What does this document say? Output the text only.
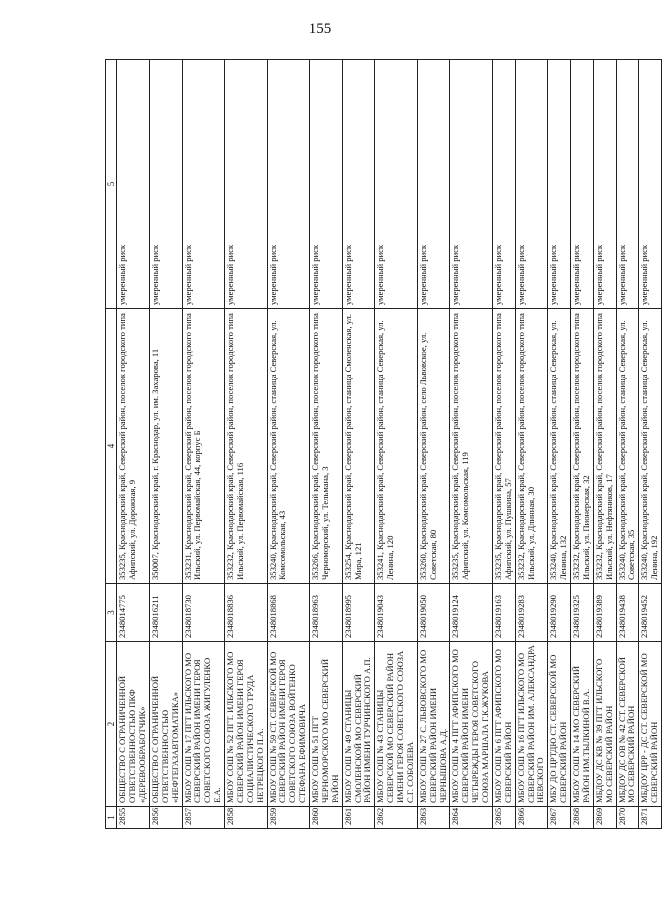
155
1	2	3	4	5
2855	ОБЩЕСТВО С ОГРАНИЧЕННОЙ ОТВЕТСТВЕННОСТЬЮ ПКФ «ДЕРЕВООБРАБОТЧИК»	2348014775	353235, Краснодарский край, Северский район, поселок городского типа Афипский, ул. Дорожная, 9	умеренный риск
2856	ОБЩЕСТВО С ОГРАНИЧЕННОЙ ОТВЕТСТВЕННОСТЬЮ «НЕФТЕГАЗАВТОМАТИКА»	2348016211	350007, Краснодарский край, г. Краснодар, ул. им. Захарова, 11	умеренный риск
2857	МБОУ СОШ № 17 ПГТ ИЛЬСКОГО МО СЕВЕРСКИЙ РАЙОН ИМЕНИ ГЕРОЯ СОВЕТСКОГО СОЮЗА ЖИГУЛЕНКО Е.А.	2348018730	353231, Краснодарский край, Северский район, поселок городского типа Ильский, ул. Первомайская, 44, корпус Б	умеренный риск
2858	МБОУ СОШ № 52 ПГТ. ИЛЬСКОГО МО СЕВЕРСКИЙ РАЙОН ИМЕНИ ГЕРОЯ СОЦИАЛИСТИЧЕСКОГО ТРУДА НЕТРЕЦКОГО П.А.	2348018836	353232, Краснодарский край, Северский район, поселок городского типа Ильский, ул. Первомайская, 116	умеренный риск
2859	МБОУ СОШ № 59 СТ. СЕВЕРСКОЙ МО СЕВЕРСКИЙ РАЙОН ИМЕНИ ГЕРОЯ СОВЕТСКОГО СОЮЗА ВОЙТЕНКО СТЕФАНА ЕФИМОВИЧА	2348018868	353240, Краснодарский край, Северский район, станица Северская, ул. Комсомольская, 43	умеренный риск
2860	МБОУ СОШ № 51 ПГТ ЧЕРНОМОРСКОГО МО СЕВЕРСКИЙ РАЙОН	2348018963	353266, Краснодарский край, Северский район, поселок городского типа Черноморский, ул. Тельмана, 3	умеренный риск
2861	МБОУ СОШ № 49 СТАНИЦЫ СМОЛЕНСКОЙ МО СЕВЕРСКИЙ РАЙОН ИМЕНИ ТУРЧИНСКОГО А.П.	2348018995	353254, Краснодарский край, Северский район, станица Смоленская, ул. Мира, 121	умеренный риск
2862	МБОУ СОШ № 43 СТАНИЦЫ СЕВЕРСКОЙ МО СЕВЕРСКИЙ РАЙОН ИМЕНИ ГЕРОЯ СОВЕТСКОГО СОЮЗА С.Г. СОБОЛЕВА	2348019043	353241, Краснодарский край, Северский район, станица Северская, ул. Ленина, 120	умеренный риск
2863	МБОУ СОШ № 27 С. ЛЬВОВСКОГО МО СЕВЕРСКИЙ РАЙОН ИМЕНИ ЧЕРНЫШОВА А.Д.	2348019050	353260, Краснодарский край, Северский район, село Львовское, ул. Советская, 80	умеренный риск
2864	МБОУ СОШ № 4 ПГТ АФИПСКОГО МО СЕВЕРСКИЙ РАЙОН ИМЕНИ ЧЕТЫРЕЖДЫ ГЕРОЯ СОВЕТСКОГО СОЮЗА МАРШАЛА Г.К.ЖУКОВА	2348019124	353235, Краснодарский край, Северский район, поселок городского типа Афипский, ул. Комсомольская, 119	умеренный риск
2865	МБОУ СОШ № 6 ПГТ АФИПСКОГО МО СЕВЕРСКИЙ РАЙОН	2348019163	353235, Краснодарский край, Северский район, поселок городского типа Афипский, ул. Пушкина, 57	умеренный риск
2866	МБОУ СОШ № 16 ПГТ ИЛЬСКОГО МО СЕВЕРСКИЙ РАЙОН ИМ. АЛЕКСАНДРА НЕВСКОГО	2348019283	353232, Краснодарский край, Северский район, поселок городского типа Ильский, ул. Длинная, 30	умеренный риск
2867	МБУ ДО ЦРТДЮ СТ. СЕВЕРСКОЙ МО СЕВЕРСКИЙ РАЙОН	2348019290	353240, Краснодарский край, Северский район, станица Северская, ул. Ленина, 132	умеренный риск
2868	МБОУ СОШ № 14 МО СЕВЕРСКИЙ РАЙОН ИМ.ТЫЛКИНОЙ В.А.	2348019325	353232, Краснодарский край, Северский район, поселок городского типа Ильский, ул. Пионерская, 32	умеренный риск
2869	МБДОУ ДС КВ № 39 ПГТ ИЛЬСКОГО МО СЕВЕРСКИЙ РАЙОН	2348019389	353232, Краснодарский край, Северский район, поселок городского типа Ильский, ул. Нефтяников, 17	умеренный риск
2870	МБДОУ ДС ОВ № 42 СТ. СЕВЕРСКОЙ МО СЕВЕРСКИЙ РАЙОН	2348019438	353240, Краснодарский край, Северский район, станица Северская, ул. Советская, 35	умеренный риск
2871	МБДОУ ЦРР - ДС СТ. СЕВЕРСКОЙ МО СЕВЕРСКИЙ РАЙОН	2348019452	353240, Краснодарский край, Северский район, станица Северская, ул. Ленина, 192	умеренный риск
